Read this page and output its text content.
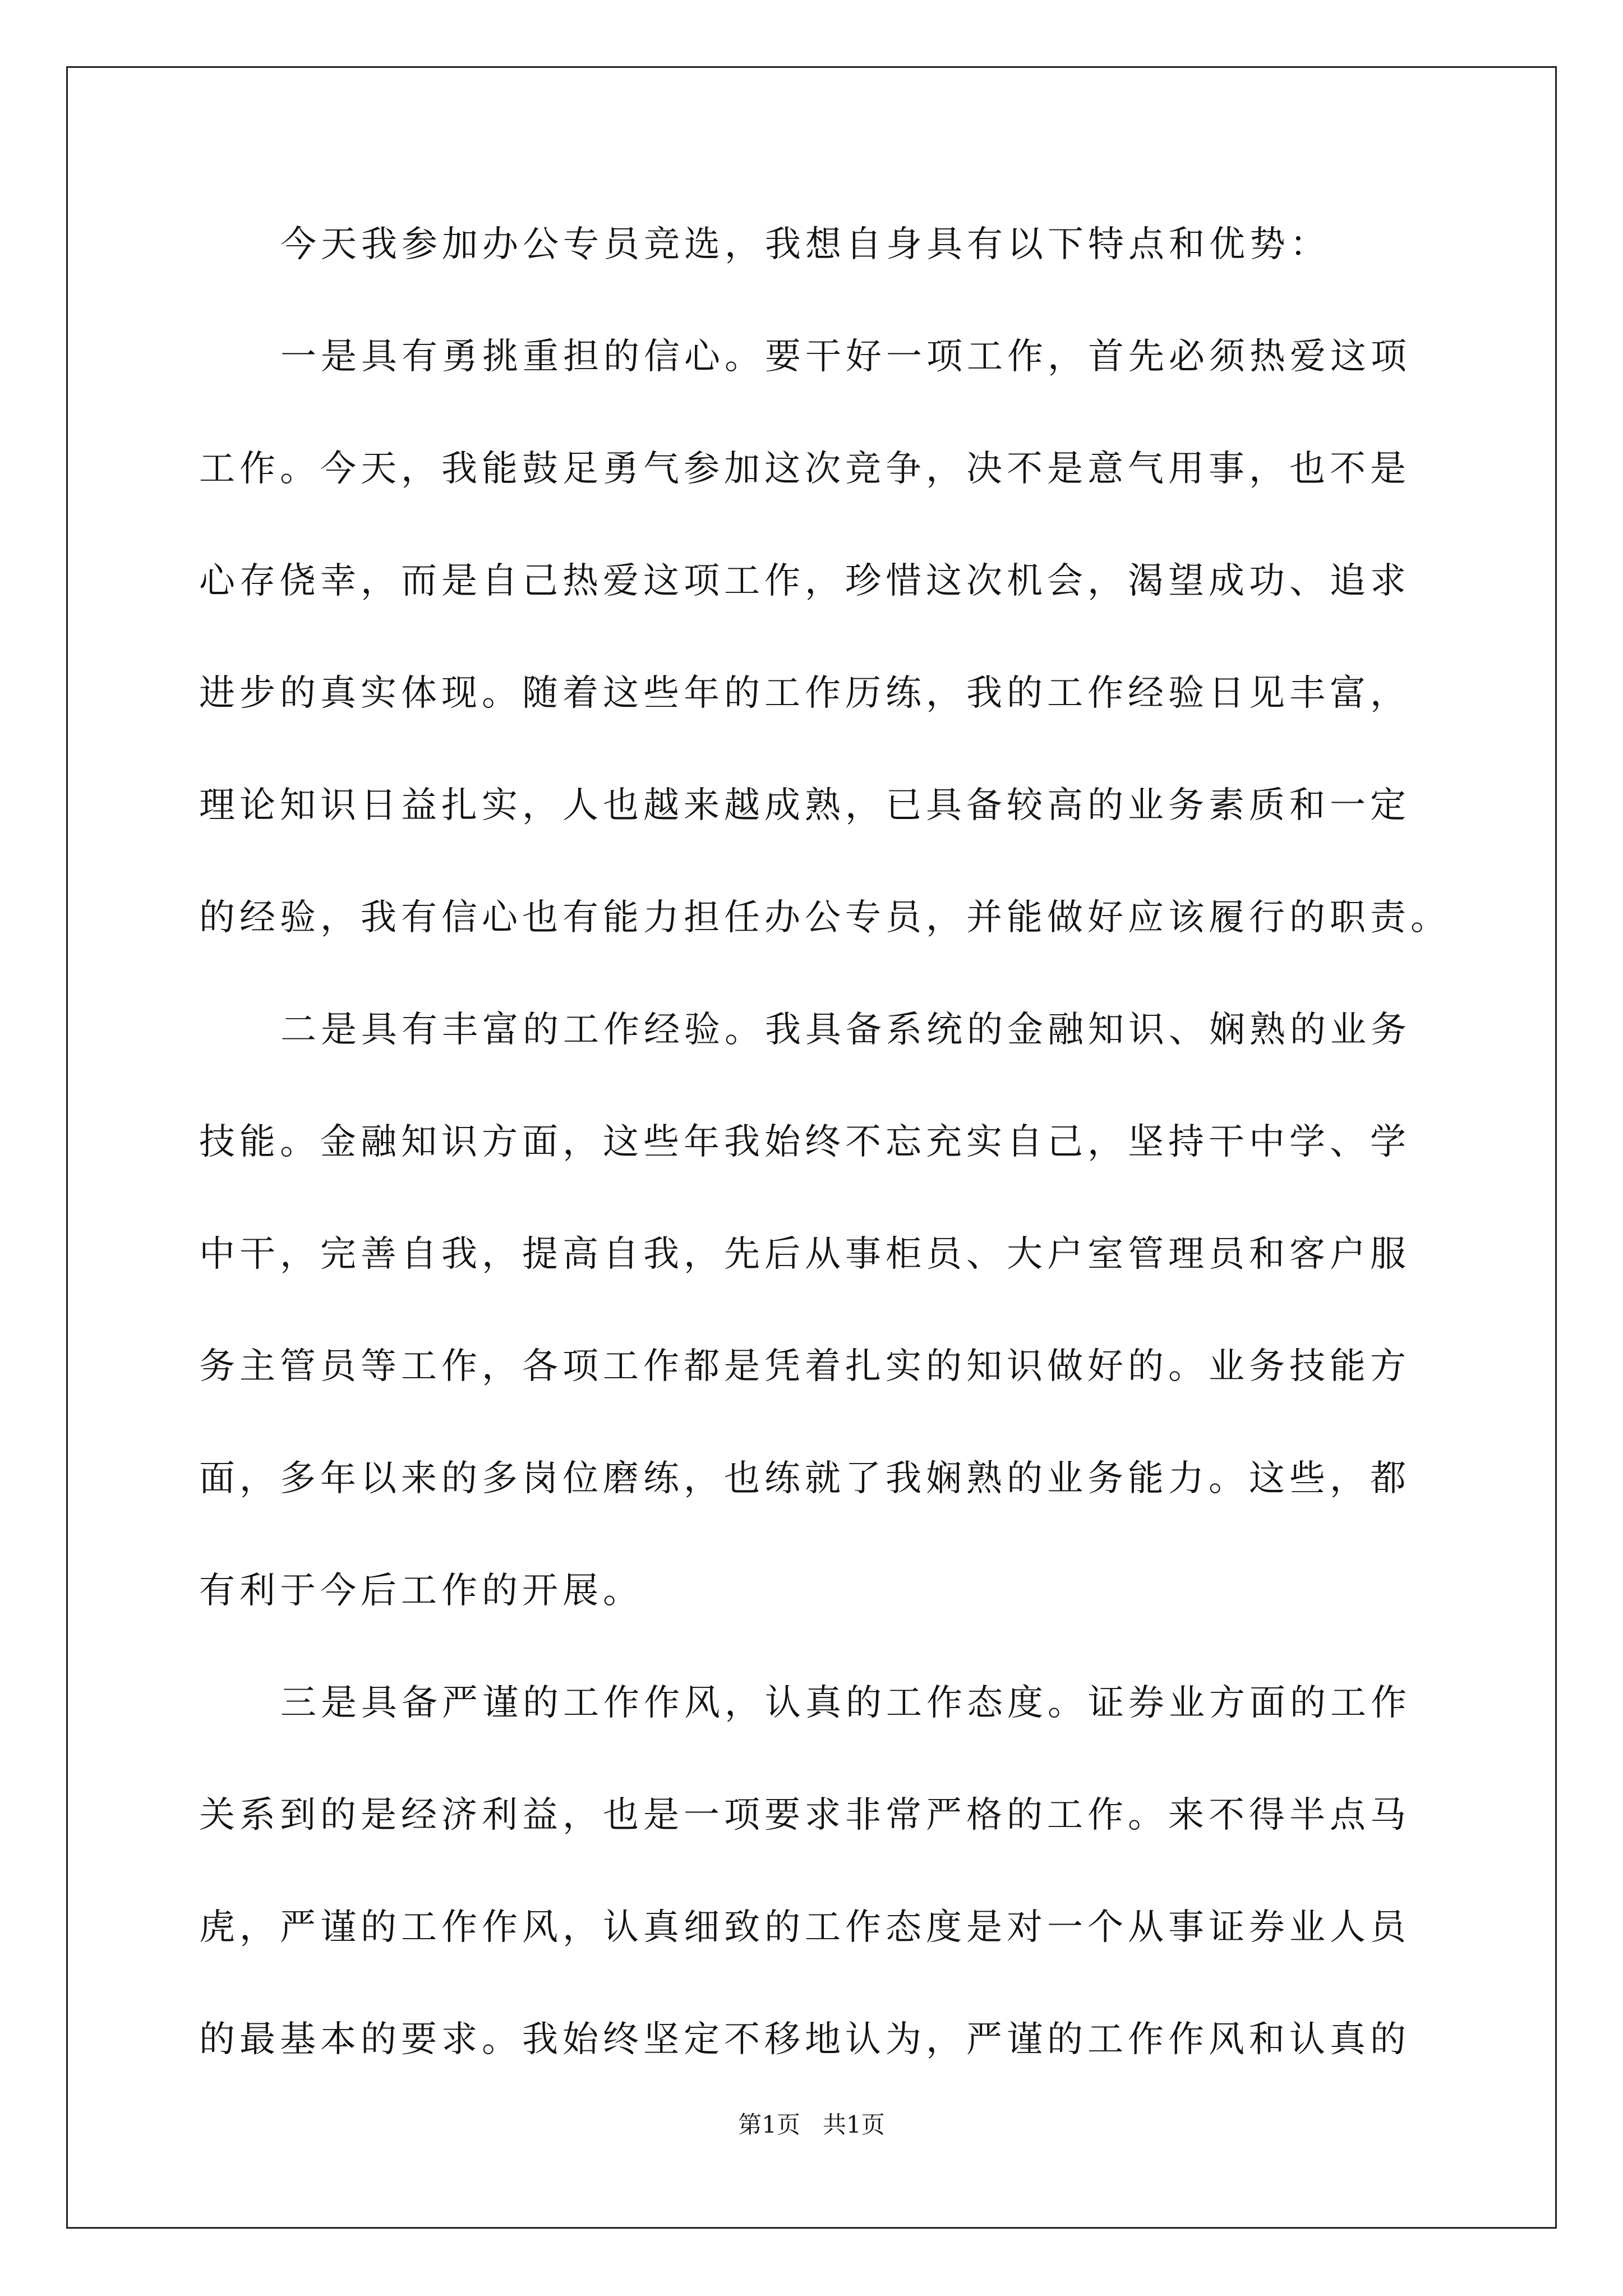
今天我参加办公专员竞选，我想自身具有以下特点和优势：
一是具有勇挑重担的信心。要干好一项工作，首先必须热爱这项
工作。今天，我能鼓足勇气参加这次竞争，决不是意气用事，也不是
心存侥幸，而是自己热爱这项工作，珍惜这次机会，渴望成功、追求
进步的真实体现。随着这些年的工作历练，我的工作经验日见丰富，
理论知识日益扎实，人也越来越成熟，已具备较高的业务素质和一定
的经验，我有信心也有能力担任办公专员，并能做好应该履行的职责。
二是具有丰富的工作经验。我具备系统的金融知识、娴熟的业务
技能。金融知识方面，这些年我始终不忘充实自己，坚持干中学、学
中干，完善自我，提高自我，先后从事柜员、大户室管理员和客户服
务主管员等工作，各项工作都是凭着扎实的知识做好的。业务技能方
面，多年以来的多岗位磨练，也练就了我娴熟的业务能力。这些，都
有利于今后工作的开展。
三是具备严谨的工作作风，认真的工作态度。证券业方面的工作
关系到的是经济利益，也是一项要求非常严格的工作。来不得半点马
虎，严谨的工作作风，认真细致的工作态度是对一个从事证券业人员
的最基本的要求。我始终坚定不移地认为，严谨的工作作风和认真的
第1页   共1页
